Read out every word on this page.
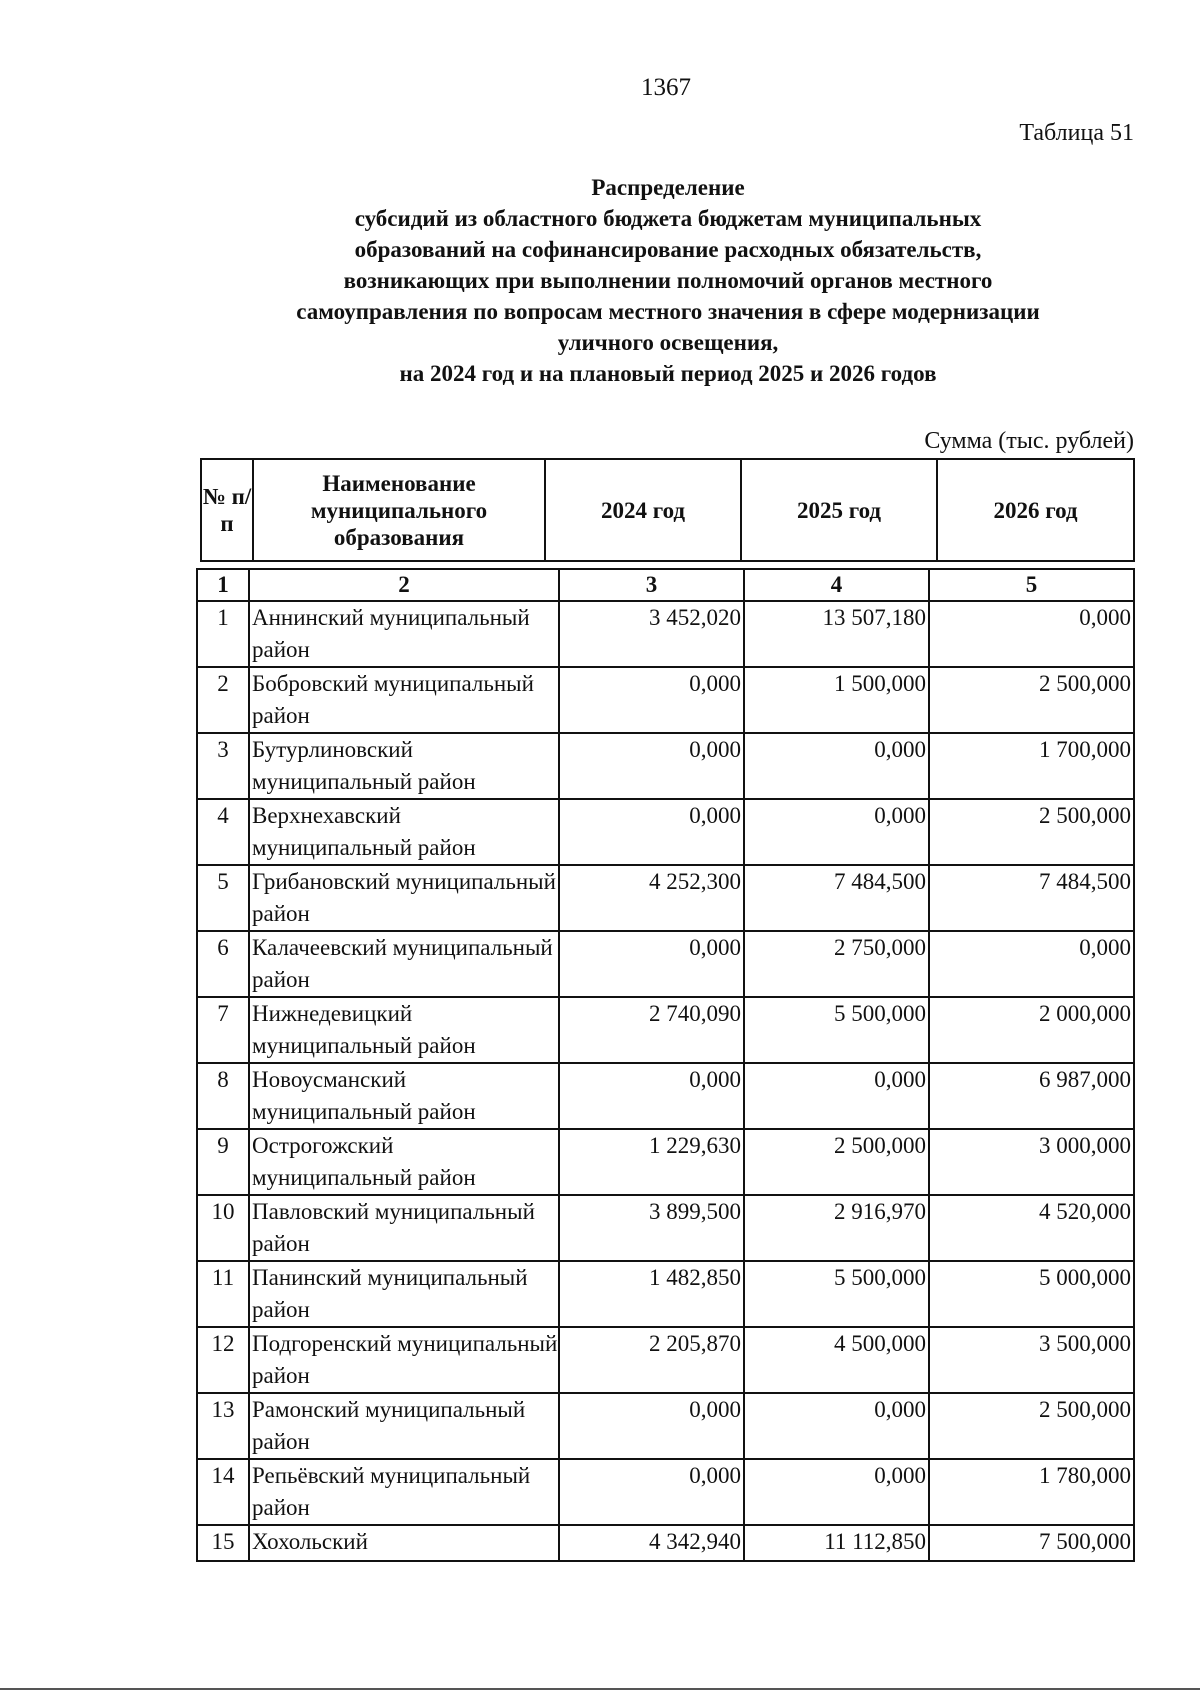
1367
Таблица 51
Распределение
субсидий из областного бюджета бюджетам муниципальных
образований на софинансирование расходных обязательств,
возникающих при выполнении полномочий органов местного
самоуправления по вопросам местного значения в сфере модернизации
уличного освещения,
на 2024 год и на плановый период 2025 и 2026 годов
Сумма (тыс. рублей)
№ п/п	Наименование муниципального образования	2024 год	2025 год	2026 год
1	2	3	4	5
1	Аннинский муниципальный район	3 452,020	13 507,180	0,000
2	Бобровский муниципальный район	0,000	1 500,000	2 500,000
3	Бутурлиновский муниципальный район	0,000	0,000	1 700,000
4	Верхнехавский муниципальный район	0,000	0,000	2 500,000
5	Грибановский муниципальный район	4 252,300	7 484,500	7 484,500
6	Калачеевский муниципальный район	0,000	2 750,000	0,000
7	Нижнедевицкий муниципальный район	2 740,090	5 500,000	2 000,000
8	Новоусманский муниципальный район	0,000	0,000	6 987,000
9	Острогожский муниципальный район	1 229,630	2 500,000	3 000,000
10	Павловский муниципальный район	3 899,500	2 916,970	4 520,000
11	Панинский муниципальный район	1 482,850	5 500,000	5 000,000
12	Подгоренский муниципальный район	2 205,870	4 500,000	3 500,000
13	Рамонский муниципальный район	0,000	0,000	2 500,000
14	Репьёвский муниципальный район	0,000	0,000	1 780,000
15	Хохольский	4 342,940	11 112,850	7 500,000
